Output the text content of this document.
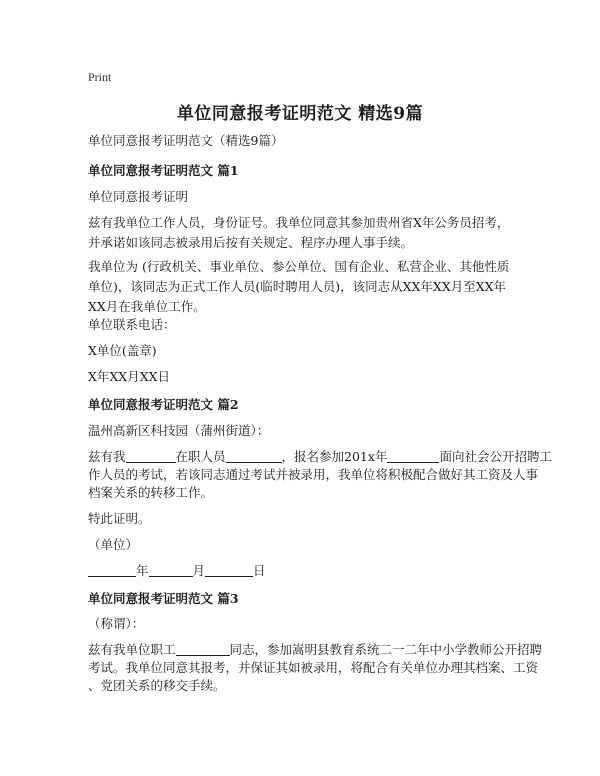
Print
单位同意报考证明范文 精选9篇
单位同意报考证明范文（精选9篇）
单位同意报考证明范文 篇1
单位同意报考证明
兹有我单位工作人员，身份证号。我单位同意其参加贵州省X年公务员招考，并承诺如该同志被录用后按有关规定、程序办理人事手续。
我单位为 (行政机关、事业单位、参公单位、国有企业、私营企业、其他性质单位)，该同志为正式工作人员(临时聘用人员)，该同志从XX年XX月至XX年XX月在我单位工作。
单位联系电话：
X单位(盖章)
X年XX月XX日
单位同意报考证明范文 篇2
温州高新区科技园（蒲州街道）：
兹有我	在职人员	，报名参加201x年	面向社会公开招聘工
作人员的考试，若该同志通过考试并被录用，我单位将积极配合做好其工资及人事
档案关系的转移工作。
特此证明。
（单位）
年	月	日
单位同意报考证明范文 篇3
（称谓）：
兹有我单位职工	同志，参加嵩明县教育系统二一二年中小学教师公开招聘
考试。我单位同意其报考，并保证其如被录用，将配合有关单位办理其档案、工资
、党团关系的移交手续。
